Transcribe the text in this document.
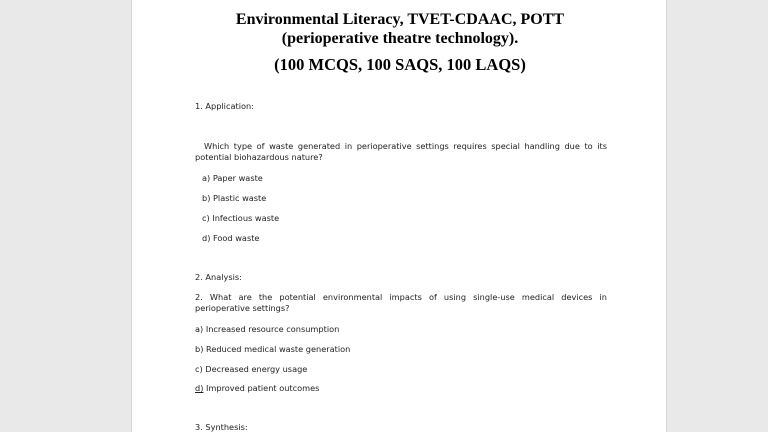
Environmental Literacy, TVET-CDAAC, POTT
(perioperative theatre technology).
(100 MCQS, 100 SAQS, 100 LAQS)
1. Application:
Which type of waste generated in perioperative settings requires special handling due to its potential biohazardous nature?
a) Paper waste
b) Plastic waste
c) Infectious waste
d) Food waste
2. Analysis:
2. What are the potential environmental impacts of using single-use medical devices in perioperative settings?
a) Increased resource consumption
b) Reduced medical waste generation
c) Decreased energy usage
d) Improved patient outcomes
3. Synthesis:
